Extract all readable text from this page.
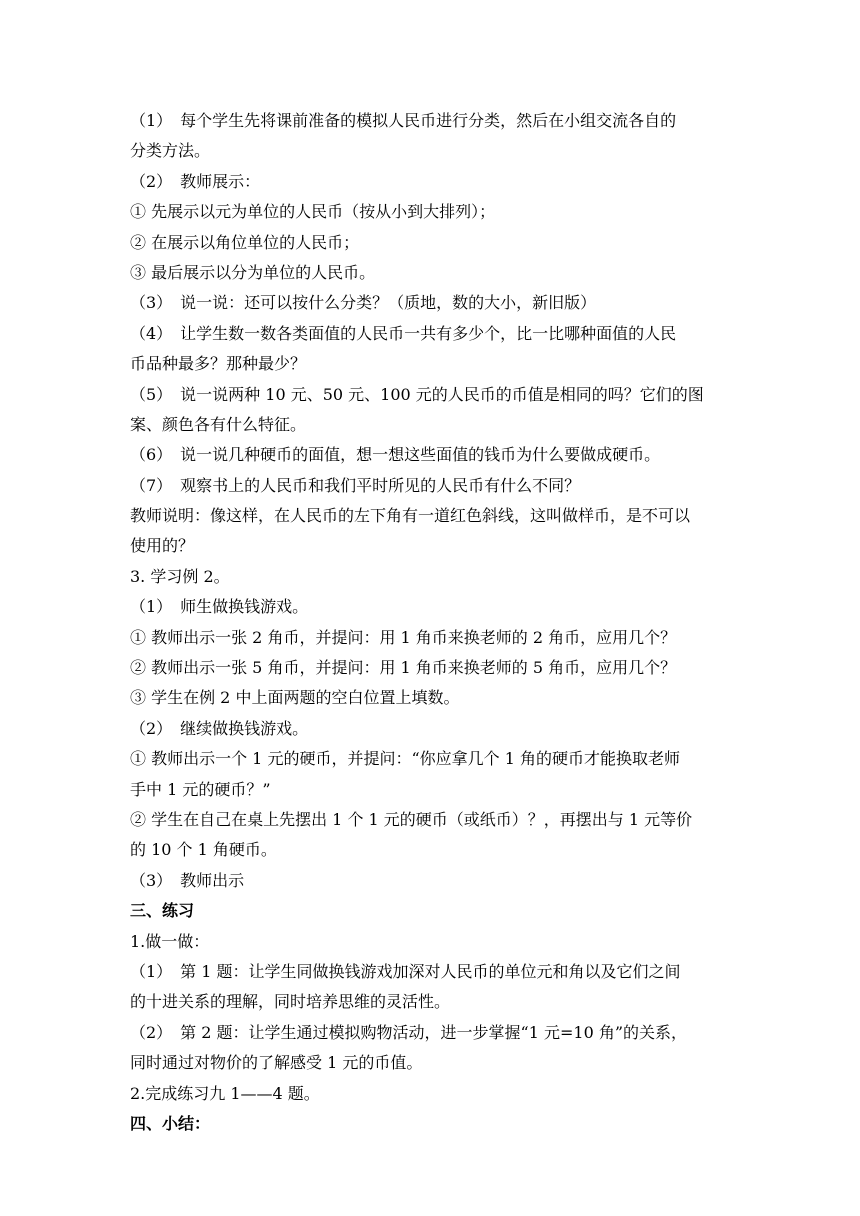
（1）　每个学生先将课前准备的模拟人民币进行分类，然后在小组交流各自的
分类方法。
（2）　教师展示：
① 先展示以元为单位的人民币（按从小到大排列）；
② 在展示以角位单位的人民币；
③ 最后展示以分为单位的人民币。
（3）　说一说：还可以按什么分类？（质地，数的大小，新旧版）
（4）　让学生数一数各类面值的人民币一共有多少个，比一比哪种面值的人民
币品种最多？那种最少？
（5）　说一说两种 10 元、50 元、100 元的人民币的币值是相同的吗？它们的图
案、颜色各有什么特征。
（6）　说一说几种硬币的面值，想一想这些面值的钱币为什么要做成硬币。
（7）　观察书上的人民币和我们平时所见的人民币有什么不同？
教师说明：像这样，在人民币的左下角有一道红色斜线，这叫做样币，是不可以
使用的？
3. 学习例 2。
（1）　师生做换钱游戏。
① 教师出示一张 2 角币，并提问：用 1 角币来换老师的 2 角币，应用几个？
② 教师出示一张 5 角币，并提问：用 1 角币来换老师的 5 角币，应用几个？
③ 学生在例 2 中上面两题的空白位置上填数。
（2）　继续做换钱游戏。
① 教师出示一个 1 元的硬币，并提问：“你应拿几个 1 角的硬币才能换取老师
手中 1 元的硬币？”
② 学生在自己在桌上先摆出 1 个 1 元的硬币（或纸币）？，再摆出与 1 元等价
的 10 个 1 角硬币。
（3）　教师出示
三、练习
1.做一做：
（1）　第 1 题：让学生同做换钱游戏加深对人民币的单位元和角以及它们之间
的十进关系的理解，同时培养思维的灵活性。
（2）　第 2 题：让学生通过模拟购物活动，进一步掌握“1 元=10 角”的关系，
同时通过对物价的了解感受 1 元的币值。
2.完成练习九 1——4 题。
四、小结：
